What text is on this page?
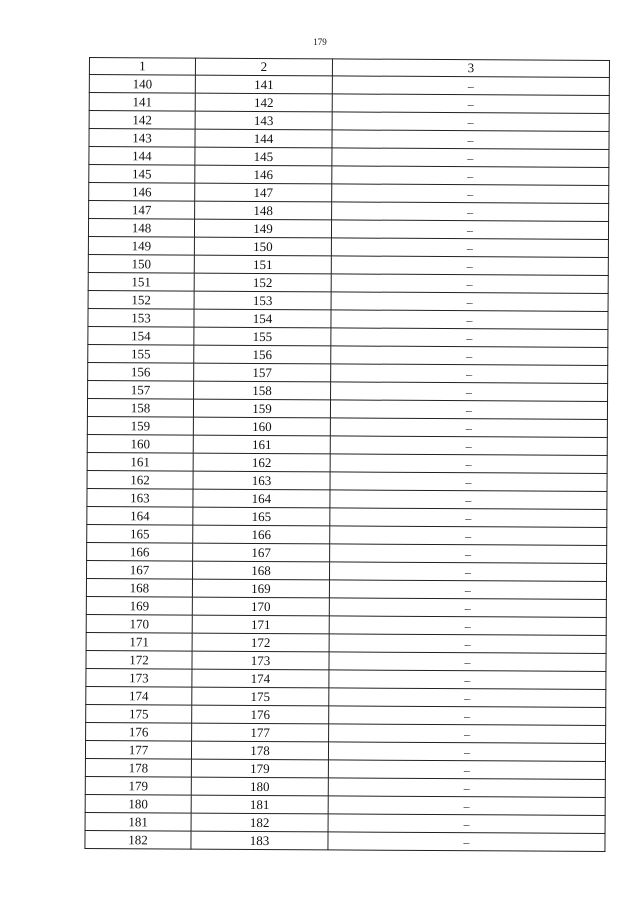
179
1	2	3
140	141	–
141	142	–
142	143	–
143	144	–
144	145	–
145	146	–
146	147	–
147	148	–
148	149	–
149	150	–
150	151	–
151	152	–
152	153	–
153	154	–
154	155	–
155	156	–
156	157	–
157	158	–
158	159	–
159	160	–
160	161	–
161	162	–
162	163	–
163	164	–
164	165	–
165	166	–
166	167	–
167	168	–
168	169	–
169	170	–
170	171	–
171	172	–
172	173	–
173	174	–
174	175	–
175	176	–
176	177	–
177	178	–
178	179	–
179	180	–
180	181	–
181	182	–
182	183	–
